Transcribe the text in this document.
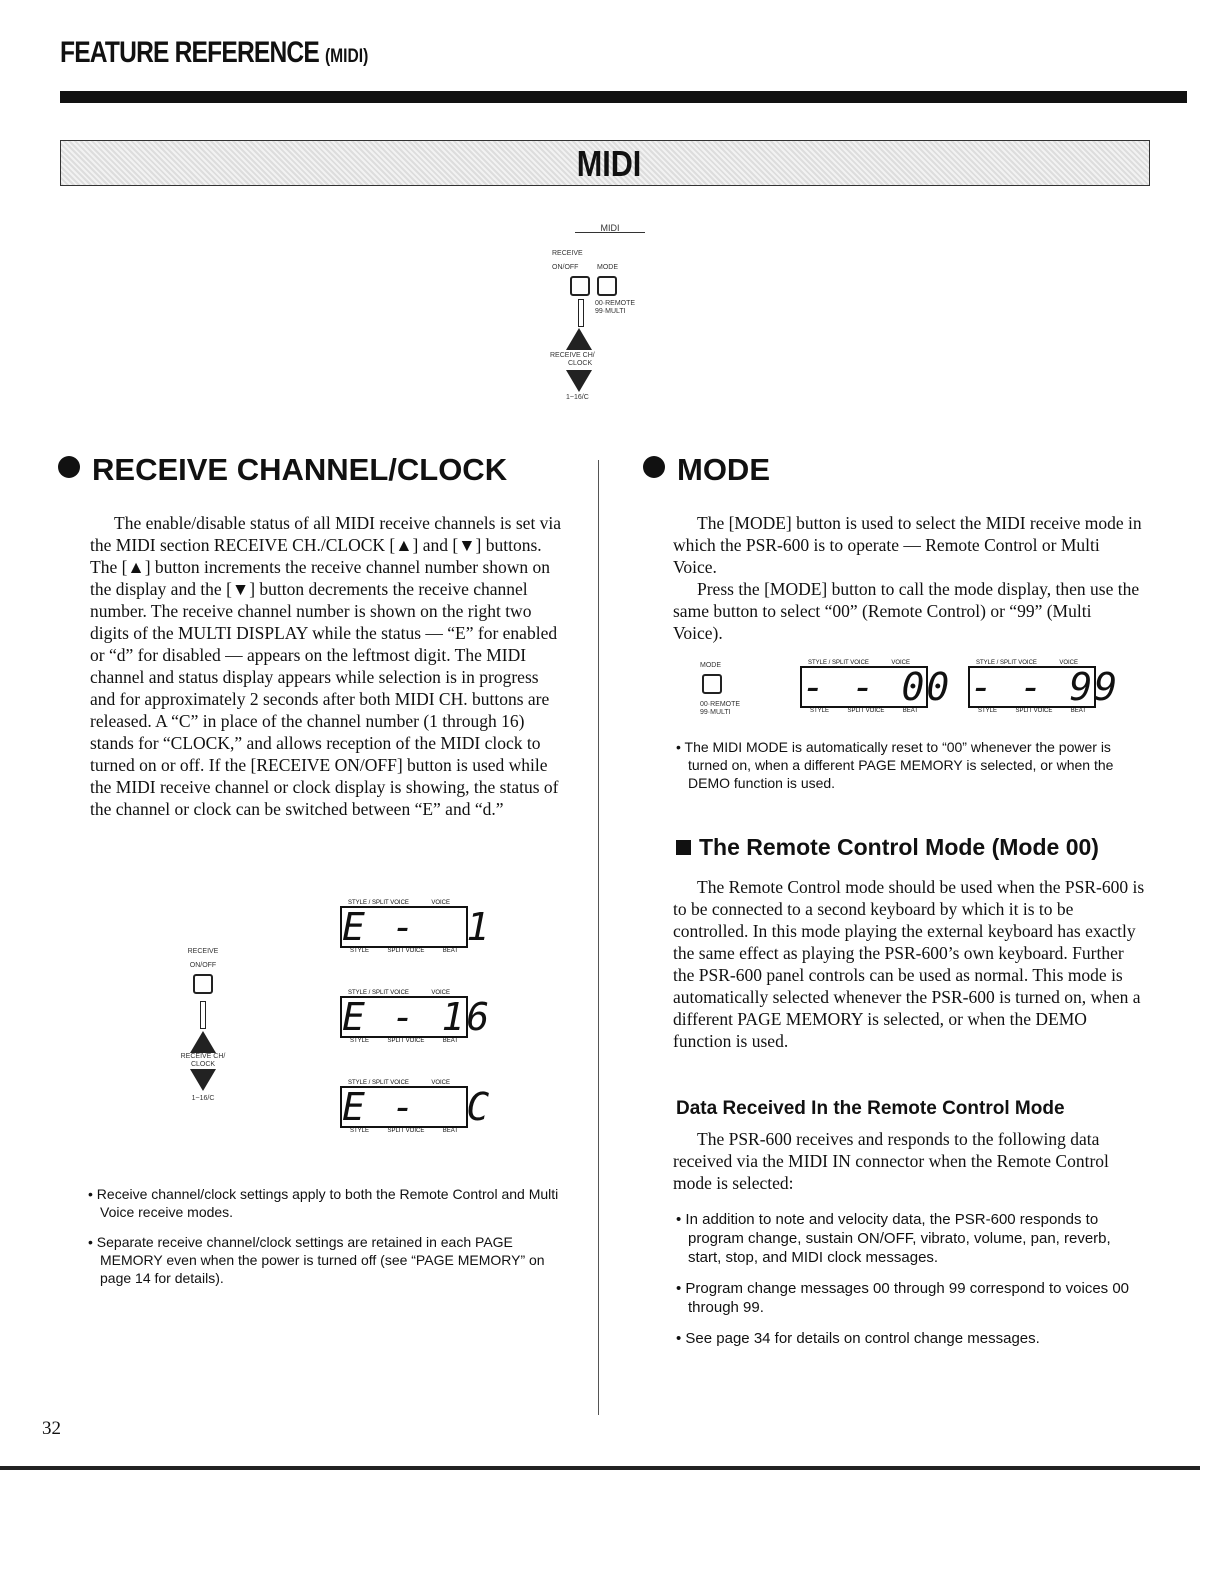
FEATURE REFERENCE (MIDI)
MIDI
MIDI
RECEIVE
ON/OFF	MODE
00·REMOTE
99·MULTI
RECEIVE CH/
CLOCK
1~16/C
RECEIVE CHANNEL/CLOCK

The enable/disable status of all MIDI receive channels is set via the MIDI section RECEIVE CH./CLOCK [▲] and [▼] buttons. The [▲] button increments the receive channel number shown on the display and the [▼] button decrements the receive channel number. The receive channel number is shown on the right two digits of the MULTI DISPLAY while the status — “E” for enabled or “d” for disabled — appears on the leftmost digit. The MIDI channel and status display appears while selection is in progress and for approximately 2 seconds after both MIDI CH. buttons are released. A “C” in place of the channel number (1 through 16) stands for “CLOCK,” and allows reception of the MIDI clock to turned on or off. If the [RECEIVE ON/OFF] button is used while the MIDI receive channel or clock display is showing, the status of the channel or clock can be switched between “E” and “d.”

RECEIVE
ON/OFF
RECEIVE CH/
CLOCK
1~16/C
STYLE / SPLIT VOICE	VOICE
E -  1
STYLE	SPLIT VOICE	BEAT
STYLE / SPLIT VOICE	VOICE
E - 16
STYLE	SPLIT VOICE	BEAT
STYLE / SPLIT VOICE	VOICE
E -  C
STYLE	SPLIT VOICE	BEAT
• Receive channel/clock settings apply to both the Remote Control and Multi Voice receive modes.
• Separate receive channel/clock settings are retained in each PAGE MEMORY even when the power is turned off (see “PAGE MEMORY” on page 14 for details).
MODE

The [MODE] button is used to select the MIDI receive mode in which the PSR-600 is to operate — Remote Control or Multi Voice.

Press the [MODE] button to call the mode display, then use the same button to select “00” (Remote Control) or “99” (Multi Voice).

MODE
00·REMOTE
99·MULTI
STYLE / SPLIT VOICE	VOICE
- - 00
STYLE	SPLIT VOICE	BEAT
STYLE / SPLIT VOICE	VOICE
- - 99
STYLE	SPLIT VOICE	BEAT
• The MIDI MODE is automatically reset to “00” whenever the power is turned on, when a different PAGE MEMORY is selected, or when the DEMO function is used.
The Remote Control Mode (Mode 00)

The Remote Control mode should be used when the PSR-600 is to be connected to a second keyboard by which it is to be controlled. In this mode playing the external keyboard has exactly the same effect as playing the PSR-600’s own keyboard. Further the PSR-600 panel controls can be used as normal. This mode is automatically selected whenever the PSR-600 is turned on, when a different PAGE MEMORY is selected, or when the DEMO function is used.

Data Received In the Remote Control Mode

The PSR-600 receives and responds to the following data received via the MIDI IN connector when the Remote Control mode is selected:

• In addition to note and velocity data, the PSR-600 responds to program change, sustain ON/OFF, vibrato, volume, pan, reverb, start, stop, and MIDI clock messages.
• Program change messages 00 through 99 correspond to voices 00 through 99.
• See page 34 for details on control change messages.
32
